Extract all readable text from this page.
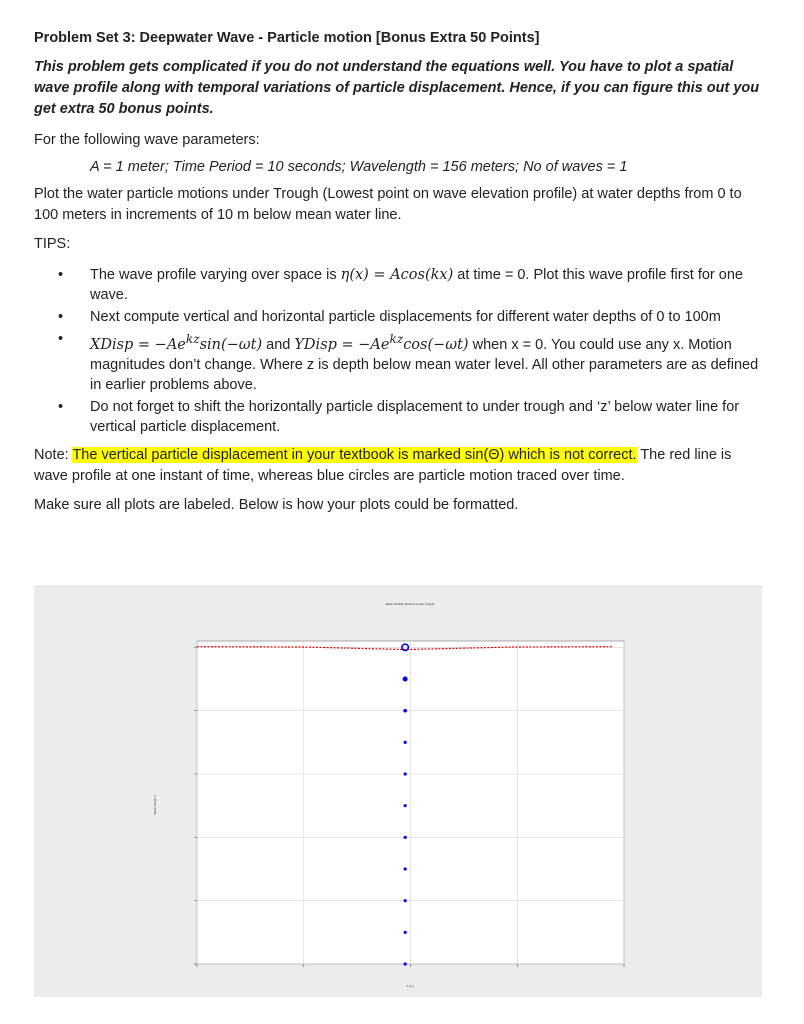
Problem Set 3: Deepwater Wave - Particle motion [Bonus Extra 50 Points]
This problem gets complicated if you do not understand the equations well. You have to plot a spatial wave profile along with temporal variations of particle displacement. Hence, if you can figure this out you get extra 50 bonus points.

For the following wave parameters:

A = 1 meter; Time Period = 10 seconds; Wavelength = 156 meters; No of waves = 1

Plot the water particle motions under Trough (Lowest point on wave elevation profile) at water depths from 0 to 100 meters in increments of 10 m below mean water line.

TIPS:

• The wave profile varying over space is η(x) = Acos(kx) at time = 0. Plot this wave profile first for one wave.
• Next compute vertical and horizontal particle displacements for different water depths of 0 to 100m
• XDisp = $-Ae^{kz}\sin(-\omega t)$ and YDisp = $-Ae^{kz}\cos(-\omega t)$ when x = 0. You could use any x. Motion magnitudes don’t change. Where z is depth below mean water level. All other parameters are as defined in earlier problems above.
• Do not forget to shift the horizontally particle displacement to under trough and ‘z’ below water line for vertical particle displacement.

Note: The vertical particle displacement in your textbook is marked sin(Θ) which is not correct. The red line is wave profile at one instant of time, whereas blue circles are particle motion traced over time.

Make sure all plots are labeled. Below is how your plots could be formatted.

Wave Particle Motions Under Trough
X (m)
Water Depth η
